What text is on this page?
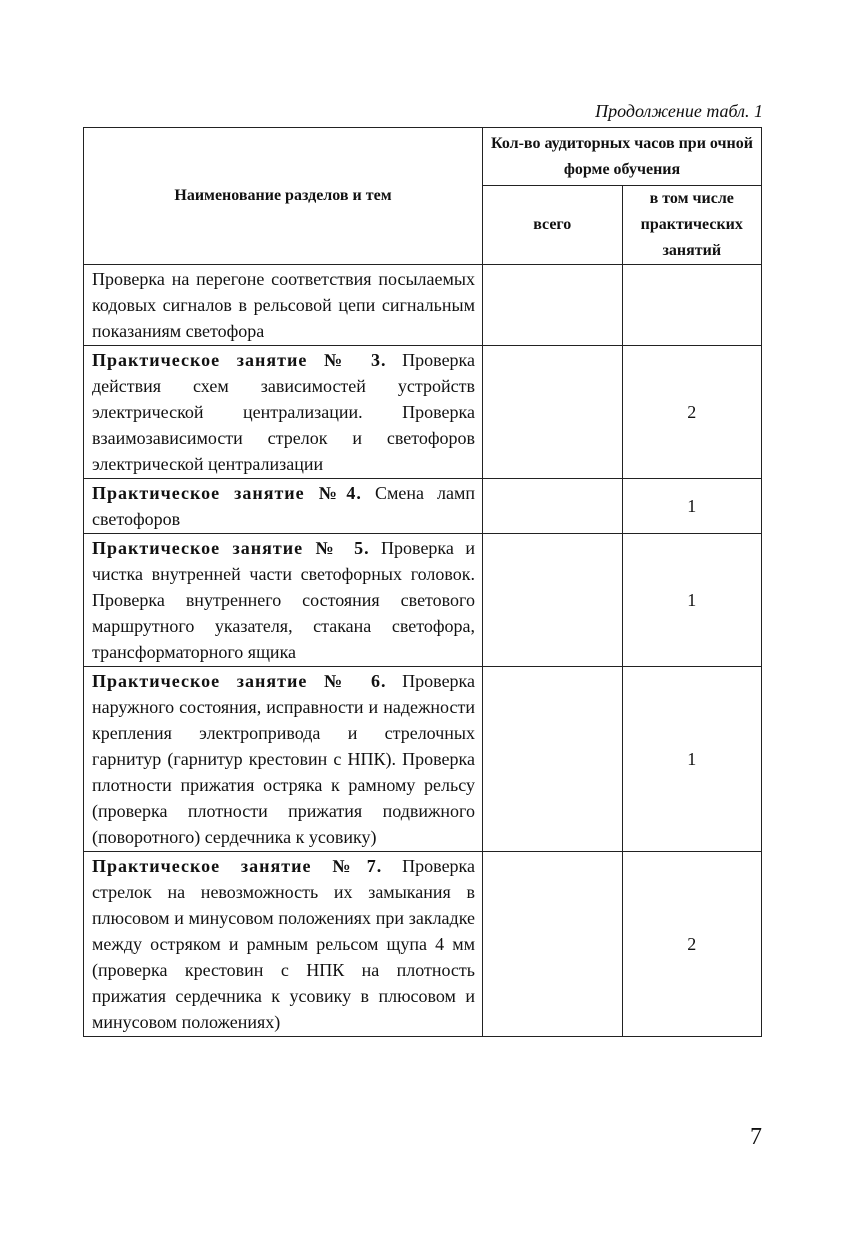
Продолжение табл. 1
Наименование разделов и тем	Кол-во аудиторных часов при очной форме обучения	
	всего	в том числе практических занятий
Проверка на перегоне соответствия посылаемых кодовых сигналов в рельсовой цепи сигнальным показаниям светофора		
Практическое занятие № 3. Проверка действия схем зависимостей устройств электрической централизации. Проверка взаимозависимости стрелок и светофоров электрической централизации		2
Практическое занятие №4. Смена ламп светофоров		1
Практическое занятие № 5. Проверка и чистка внутренней части светофорных головок. Проверка внутреннего состояния светового маршрутного указателя, стакана светофора, трансформаторного ящика		1
Практическое занятие № 6. Проверка наружного состояния, исправности и надежности крепления электропривода и стрелочных гарнитур (гарнитур крестовин с НПК). Проверка плотности прижатия остряка к рамному рельсу (проверка плотности прижатия подвижного (поворотного) сердечника к усовику)		1
Практическое занятие №7. Проверка стрелок на невозможность их замыкания в плюсовом и минусовом положениях при закладке между остряком и рамным рельсом щупа 4 мм (проверка крестовин с НПК на плотность прижатия сердечника к усовику в плюсовом и минусовом положениях)		2
7
